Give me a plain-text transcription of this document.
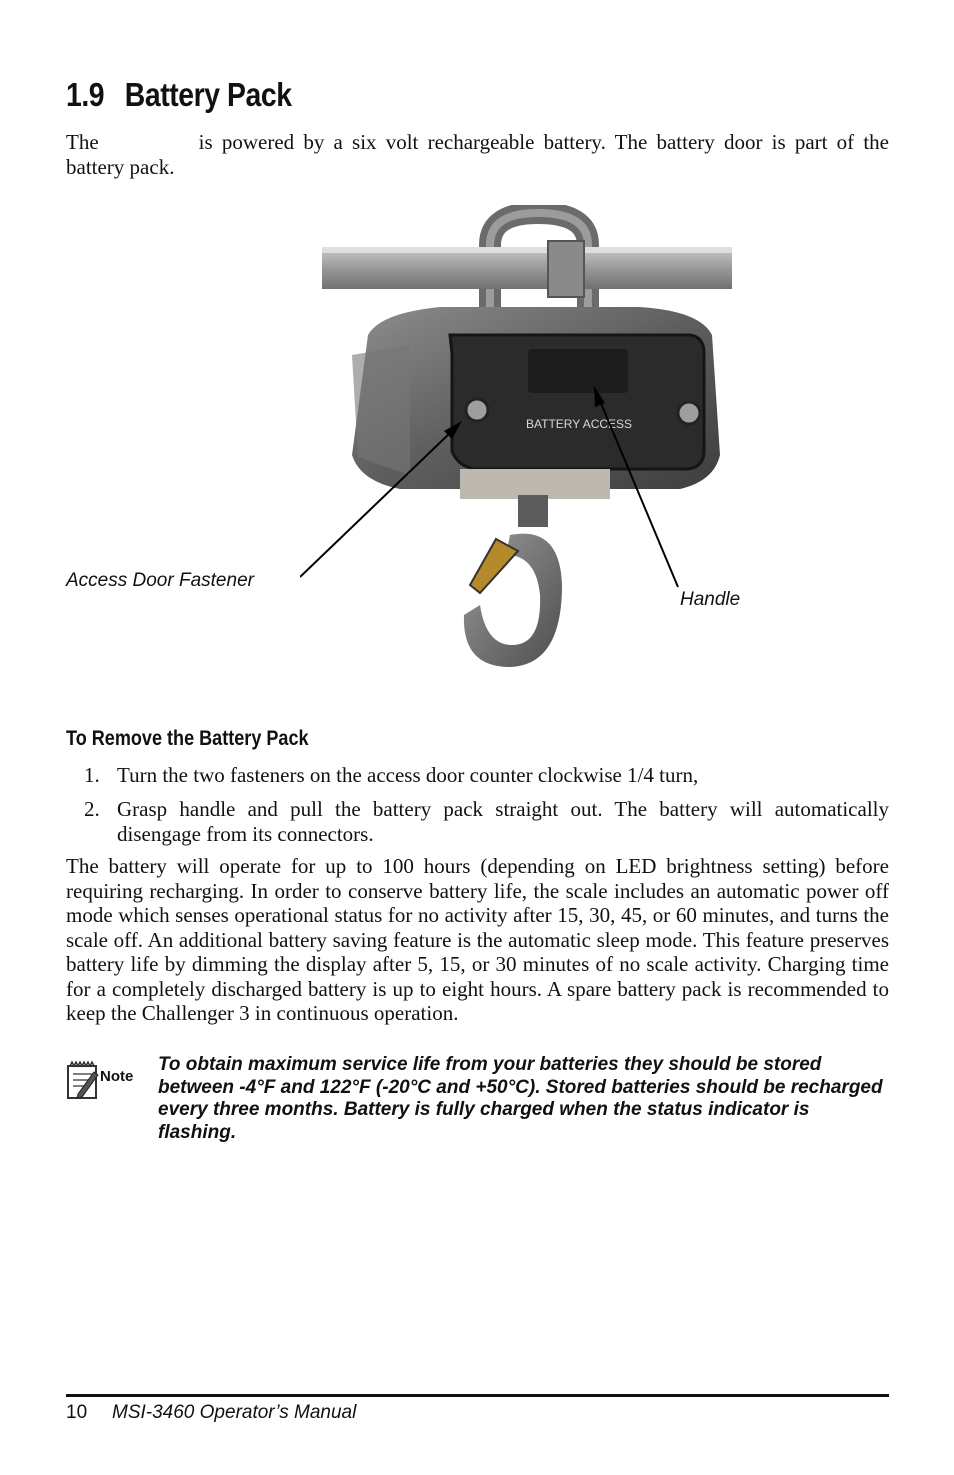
1.9 Battery Pack
The	is powered by a six volt rechargeable battery. The battery door is part of the battery pack.
BATTERY ACCESS
Access Door Fastener
Handle
To Remove the Battery Pack
1. Turn the two fasteners on the access door counter clockwise 1/4 turn,
2. Grasp handle and pull the battery pack straight out. The battery will automatically disengage from its connectors.
The battery will operate for up to 100 hours (depending on LED brightness setting) before requiring recharging. In order to conserve battery life, the scale includes an automatic power off mode which senses operational status for no activity after 15, 30, 45, or 60 minutes, and turns the scale off. An additional battery saving feature is the automatic sleep mode. This feature preserves battery life by dimming the display after 5, 15, or 30 minutes of no scale activity. Charging time for a completely discharged battery is up to eight hours. A spare battery pack is recommended to keep the Challenger 3 in continuous operation.
Note
To obtain maximum service life from your batteries they should be stored between -4°F and 122°F (-20°C and +50°C). Stored batteries should be recharged every three months. Battery is fully charged when the status indicator is flashing.
10 MSI-3460 Operator’s Manual
